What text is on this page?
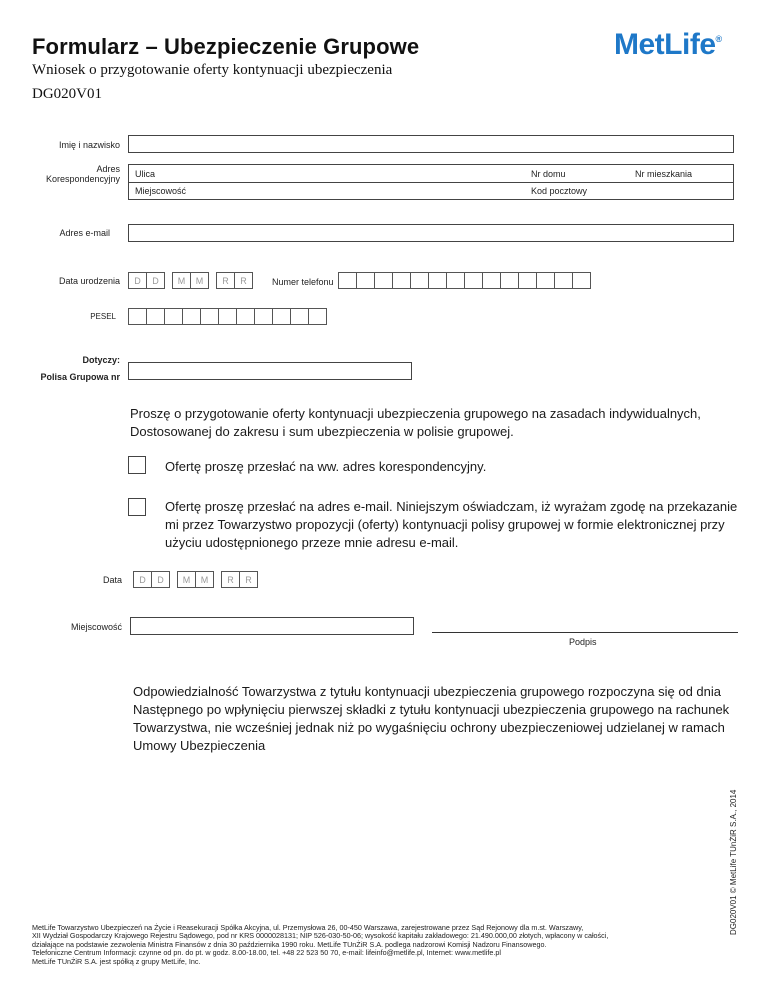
Formularz – Ubezpieczenie Grupowe
Wniosek o przygotowanie oferty kontynuacji ubezpieczenia
DG020V01
MetLife®
Imię i nazwisko
Adres
Korespondencyjny Ulica	Nr domu	Nr mieszkania
Miejscowość	Kod pocztowy
Adres e-mail
Data urodzenia	D	D	M	M	R	R	Numer telefonu
PESEL
Dotyczy:
Polisa Grupowa nr
Proszę o przygotowanie oferty kontynuacji ubezpieczenia grupowego na zasadach indywidualnych,
Dostosowanej do zakresu i sum ubezpieczenia w polisie grupowej.
Ofertę proszę przesłać na ww. adres korespondencyjny.
Ofertę proszę przesłać na adres e-mail. Niniejszym oświadczam, iż wyrażam zgodę na przekazanie
mi przez Towarzystwo propozycji (oferty) kontynuacji polisy grupowej w formie elektronicznej przy
użyciu udostępnionego przeze mnie adresu e-mail.
Data	D	D	M	M	R	R
Miejscowość
Podpis
Odpowiedzialność Towarzystwa z tytułu kontynuacji ubezpieczenia grupowego rozpoczyna się od dnia
Następnego po wpłynięciu pierwszej składki z tytułu kontynuacji ubezpieczenia grupowego na rachunek
Towarzystwa, nie wcześniej jednak niż po wygaśnięciu ochrony ubezpieczeniowej udzielanej w ramach
Umowy Ubezpieczenia
MetLife Towarzystwo Ubezpieczeń na Życie i Reasekuracji Spółka Akcyjna, ul. Przemysłowa 26, 00-450 Warszawa, zarejestrowane przez Sąd Rejonowy dla m.st. Warszawy,
XII Wydział Gospodarczy Krajowego Rejestru Sądowego, pod nr KRS 0000028131; NIP 526-030-50-06; wysokość kapitału zakładowego: 21.490.000,00 złotych, wpłacony w całości,
działające na podstawie zezwolenia Ministra Finansów z dnia 30 października 1990 roku. MetLife TUnŻiR S.A. podlega nadzorowi Komisji Nadzoru Finansowego.
Telefoniczne Centrum Informacji: czynne od pn. do pt. w godz. 8.00-18.00, tel. +48 22 523 50 70, e-mail: lifeinfo@metlife.pl, Internet: www.metlife.pl
MetLife TUnŻiR S.A. jest spółką z grupy MetLife, Inc.
DG020V01 © MetLife TUnŻiR S.A., 2014
